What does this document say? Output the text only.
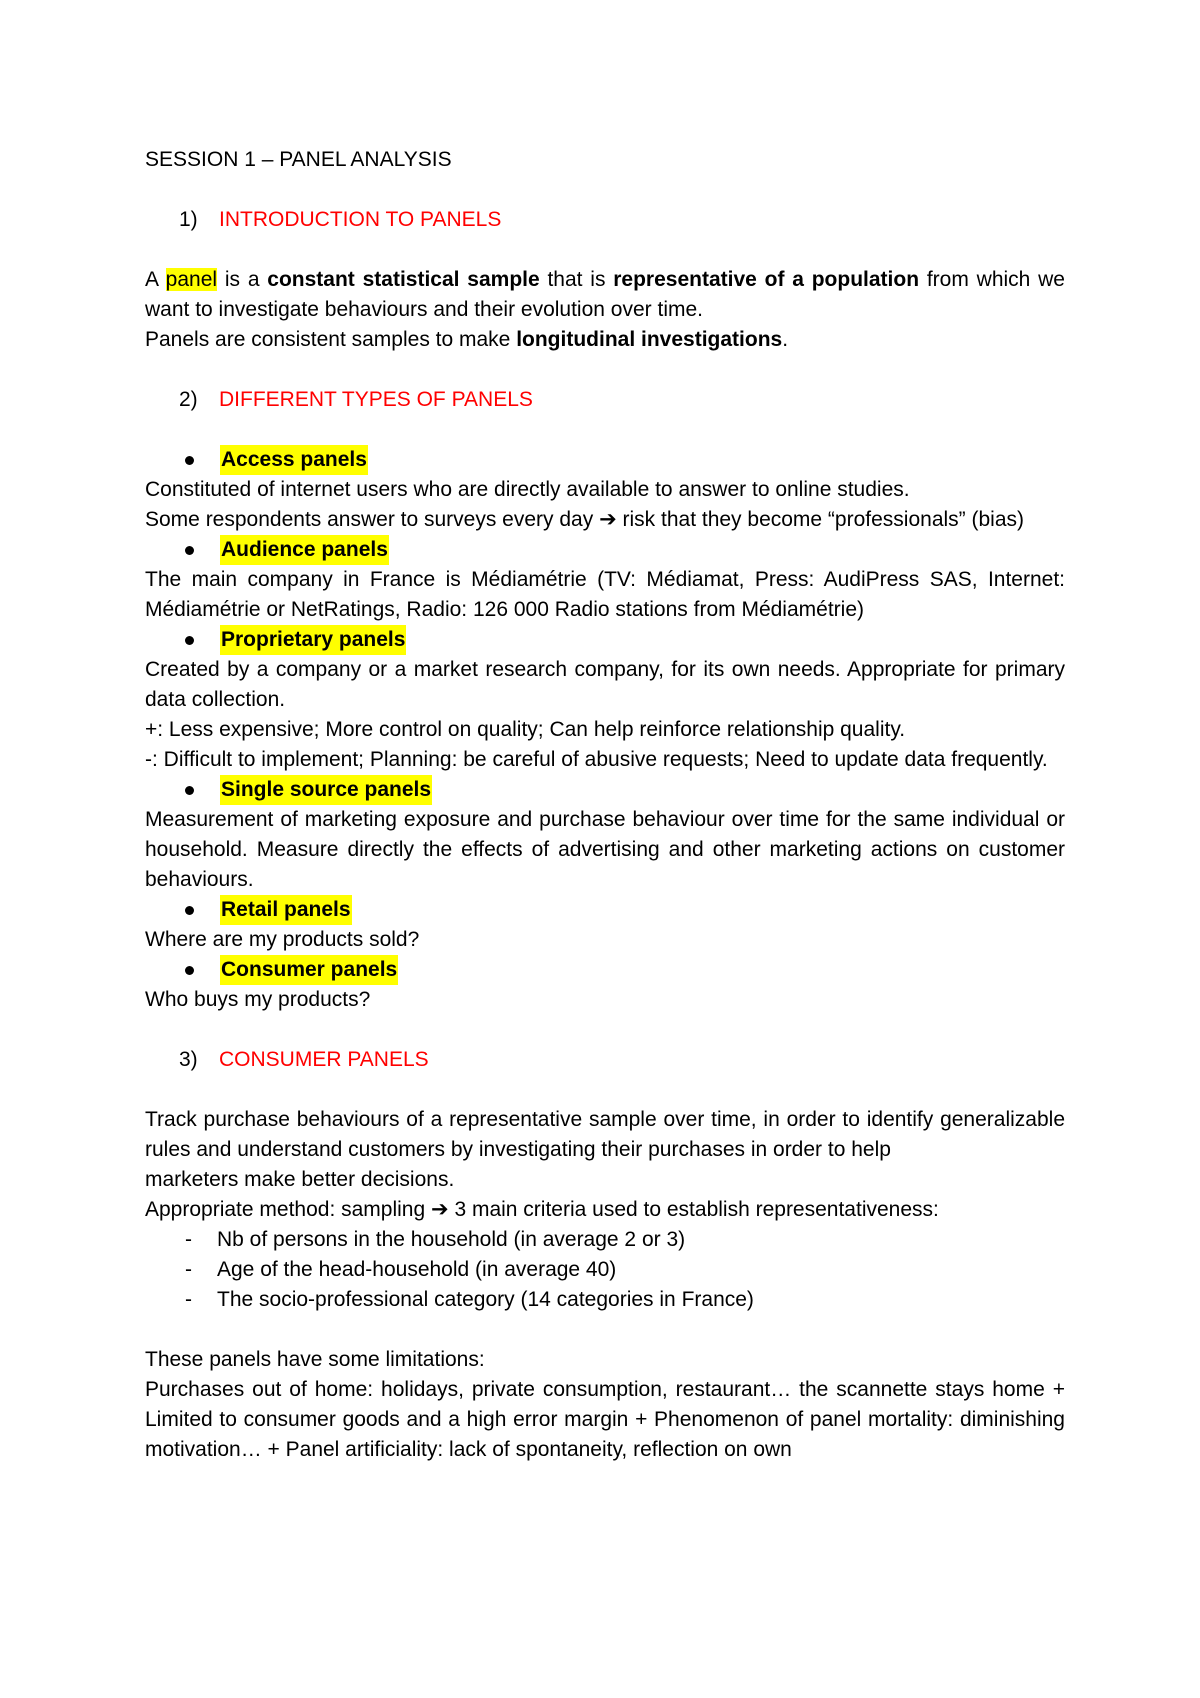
SESSION 1 – PANEL ANALYSIS

1)	INTRODUCTION TO PANELS

A panel is a constant statistical sample that is representative of a population from which we want to investigate behaviours and their evolution over time.

Panels are consistent samples to make longitudinal investigations.

2)	DIFFERENT TYPES OF PANELS
Access panels

Constituted of internet users who are directly available to answer to online studies.

Some respondents answer to surveys every day ➔ risk that they become “professionals” (bias)

Audience panels

The main company in France is Médiamétrie (TV: Médiamat, Press: AudiPress SAS, Internet: Médiamétrie or NetRatings, Radio: 126 000 Radio stations from Médiamétrie)

Proprietary panels

Created by a company or a market research company, for its own needs. Appropriate for primary data collection.

+: Less expensive; More control on quality; Can help reinforce relationship quality.

-: Difficult to implement; Planning: be careful of abusive requests; Need to update data frequently.

Single source panels

Measurement of marketing exposure and purchase behaviour over time for the same individual or household. Measure directly the effects of advertising and other marketing actions on customer behaviours.

Retail panels

Where are my products sold?

Consumer panels

Who buys my products?

3)	CONSUMER PANELS

Track purchase behaviours of a representative sample over time, in order to identify generalizable rules and understand customers by investigating their purchases in order to help

marketers make better decisions.

Appropriate method: sampling ➔ 3 main criteria used to establish representativeness:

-	Nb of persons in the household (in average 2 or 3)
-	Age of the head-household (in average 40)
-	The socio-professional category (14 categories in France)

These panels have some limitations:

Purchases out of home: holidays, private consumption, restaurant… the scannette stays home + Limited to consumer goods and a high error margin + Phenomenon of panel mortality: diminishing motivation… + Panel artificiality: lack of spontaneity, reflection on own
